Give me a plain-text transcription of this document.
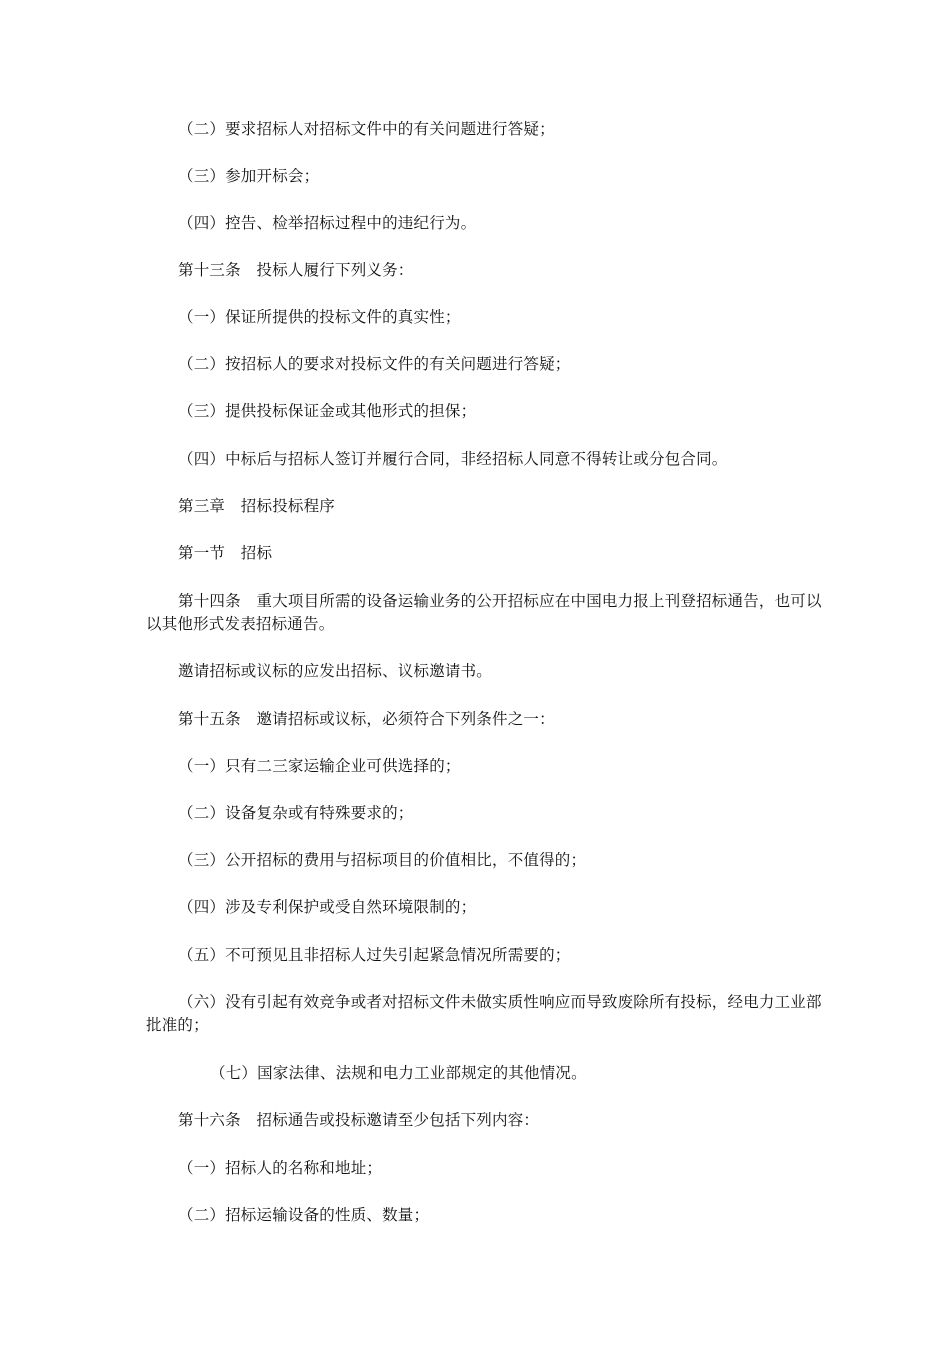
（二）要求招标人对招标文件中的有关问题进行答疑；

（三）参加开标会；

（四）控告、检举招标过程中的违纪行为。

第十三条　投标人履行下列义务：

（一）保证所提供的投标文件的真实性；

（二）按招标人的要求对投标文件的有关问题进行答疑；

（三）提供投标保证金或其他形式的担保；

（四）中标后与招标人签订并履行合同，非经招标人同意不得转让或分包合同。

第三章　招标投标程序

第一节　招标

第十四条　重大项目所需的设备运输业务的公开招标应在中国电力报上刊登招标通告，也可以以其他形式发表招标通告。

邀请招标或议标的应发出招标、议标邀请书。

第十五条　邀请招标或议标，必须符合下列条件之一：

（一）只有二三家运输企业可供选择的；

（二）设备复杂或有特殊要求的；

（三）公开招标的费用与招标项目的价值相比，不值得的；

（四）涉及专利保护或受自然环境限制的；

（五）不可预见且非招标人过失引起紧急情况所需要的；

（六）没有引起有效竞争或者对招标文件未做实质性响应而导致废除所有投标，经电力工业部批准的；

（七）国家法律、法规和电力工业部规定的其他情况。

第十六条　招标通告或投标邀请至少包括下列内容：

（一）招标人的名称和地址；

（二）招标运输设备的性质、数量；
